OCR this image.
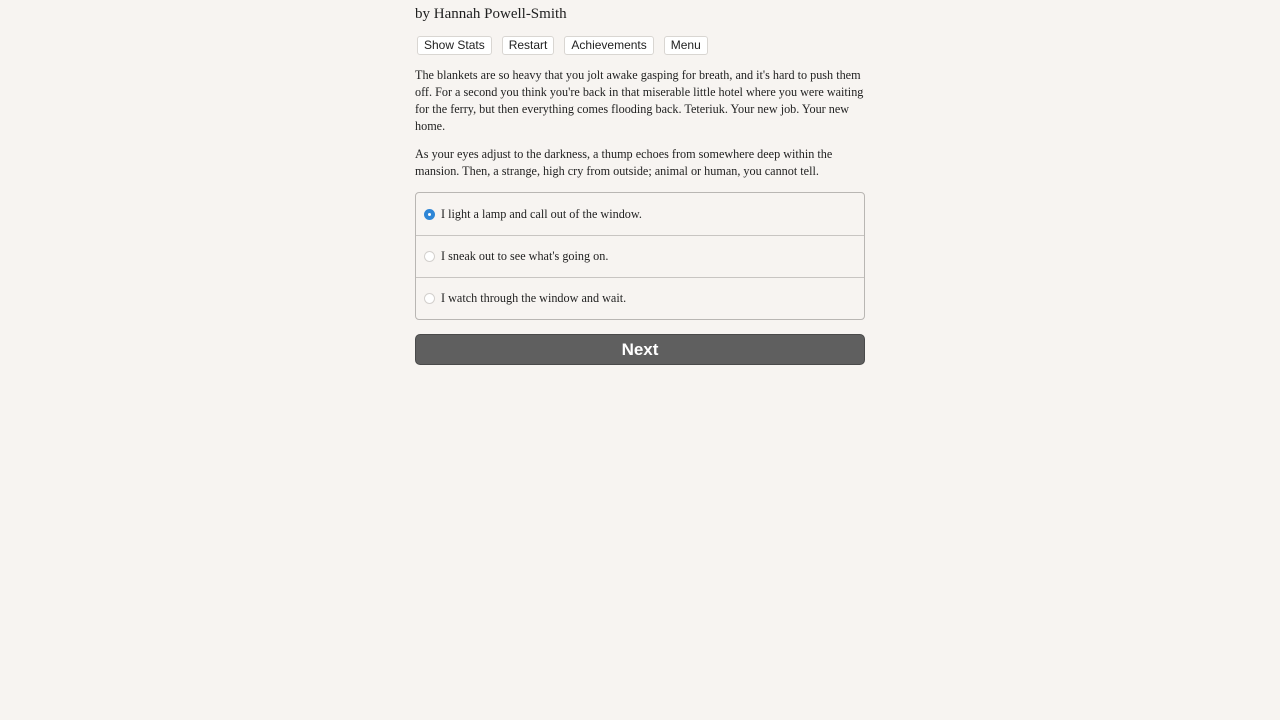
by Hannah Powell-Smith
Show Stats Restart Achievements Menu

The blankets are so heavy that you jolt awake gasping for breath, and it's hard to push them off. For a second you think you're back in that miserable little hotel where you were waiting for the ferry, but then everything comes flooding back. Teteriuk. Your new job. Your new home.

As your eyes adjust to the darkness, a thump echoes from somewhere deep within the mansion. Then, a strange, high cry from outside; animal or human, you cannot tell.

I light a lamp and call out of the window.
I sneak out to see what's going on.
I watch through the window and wait.
Next
